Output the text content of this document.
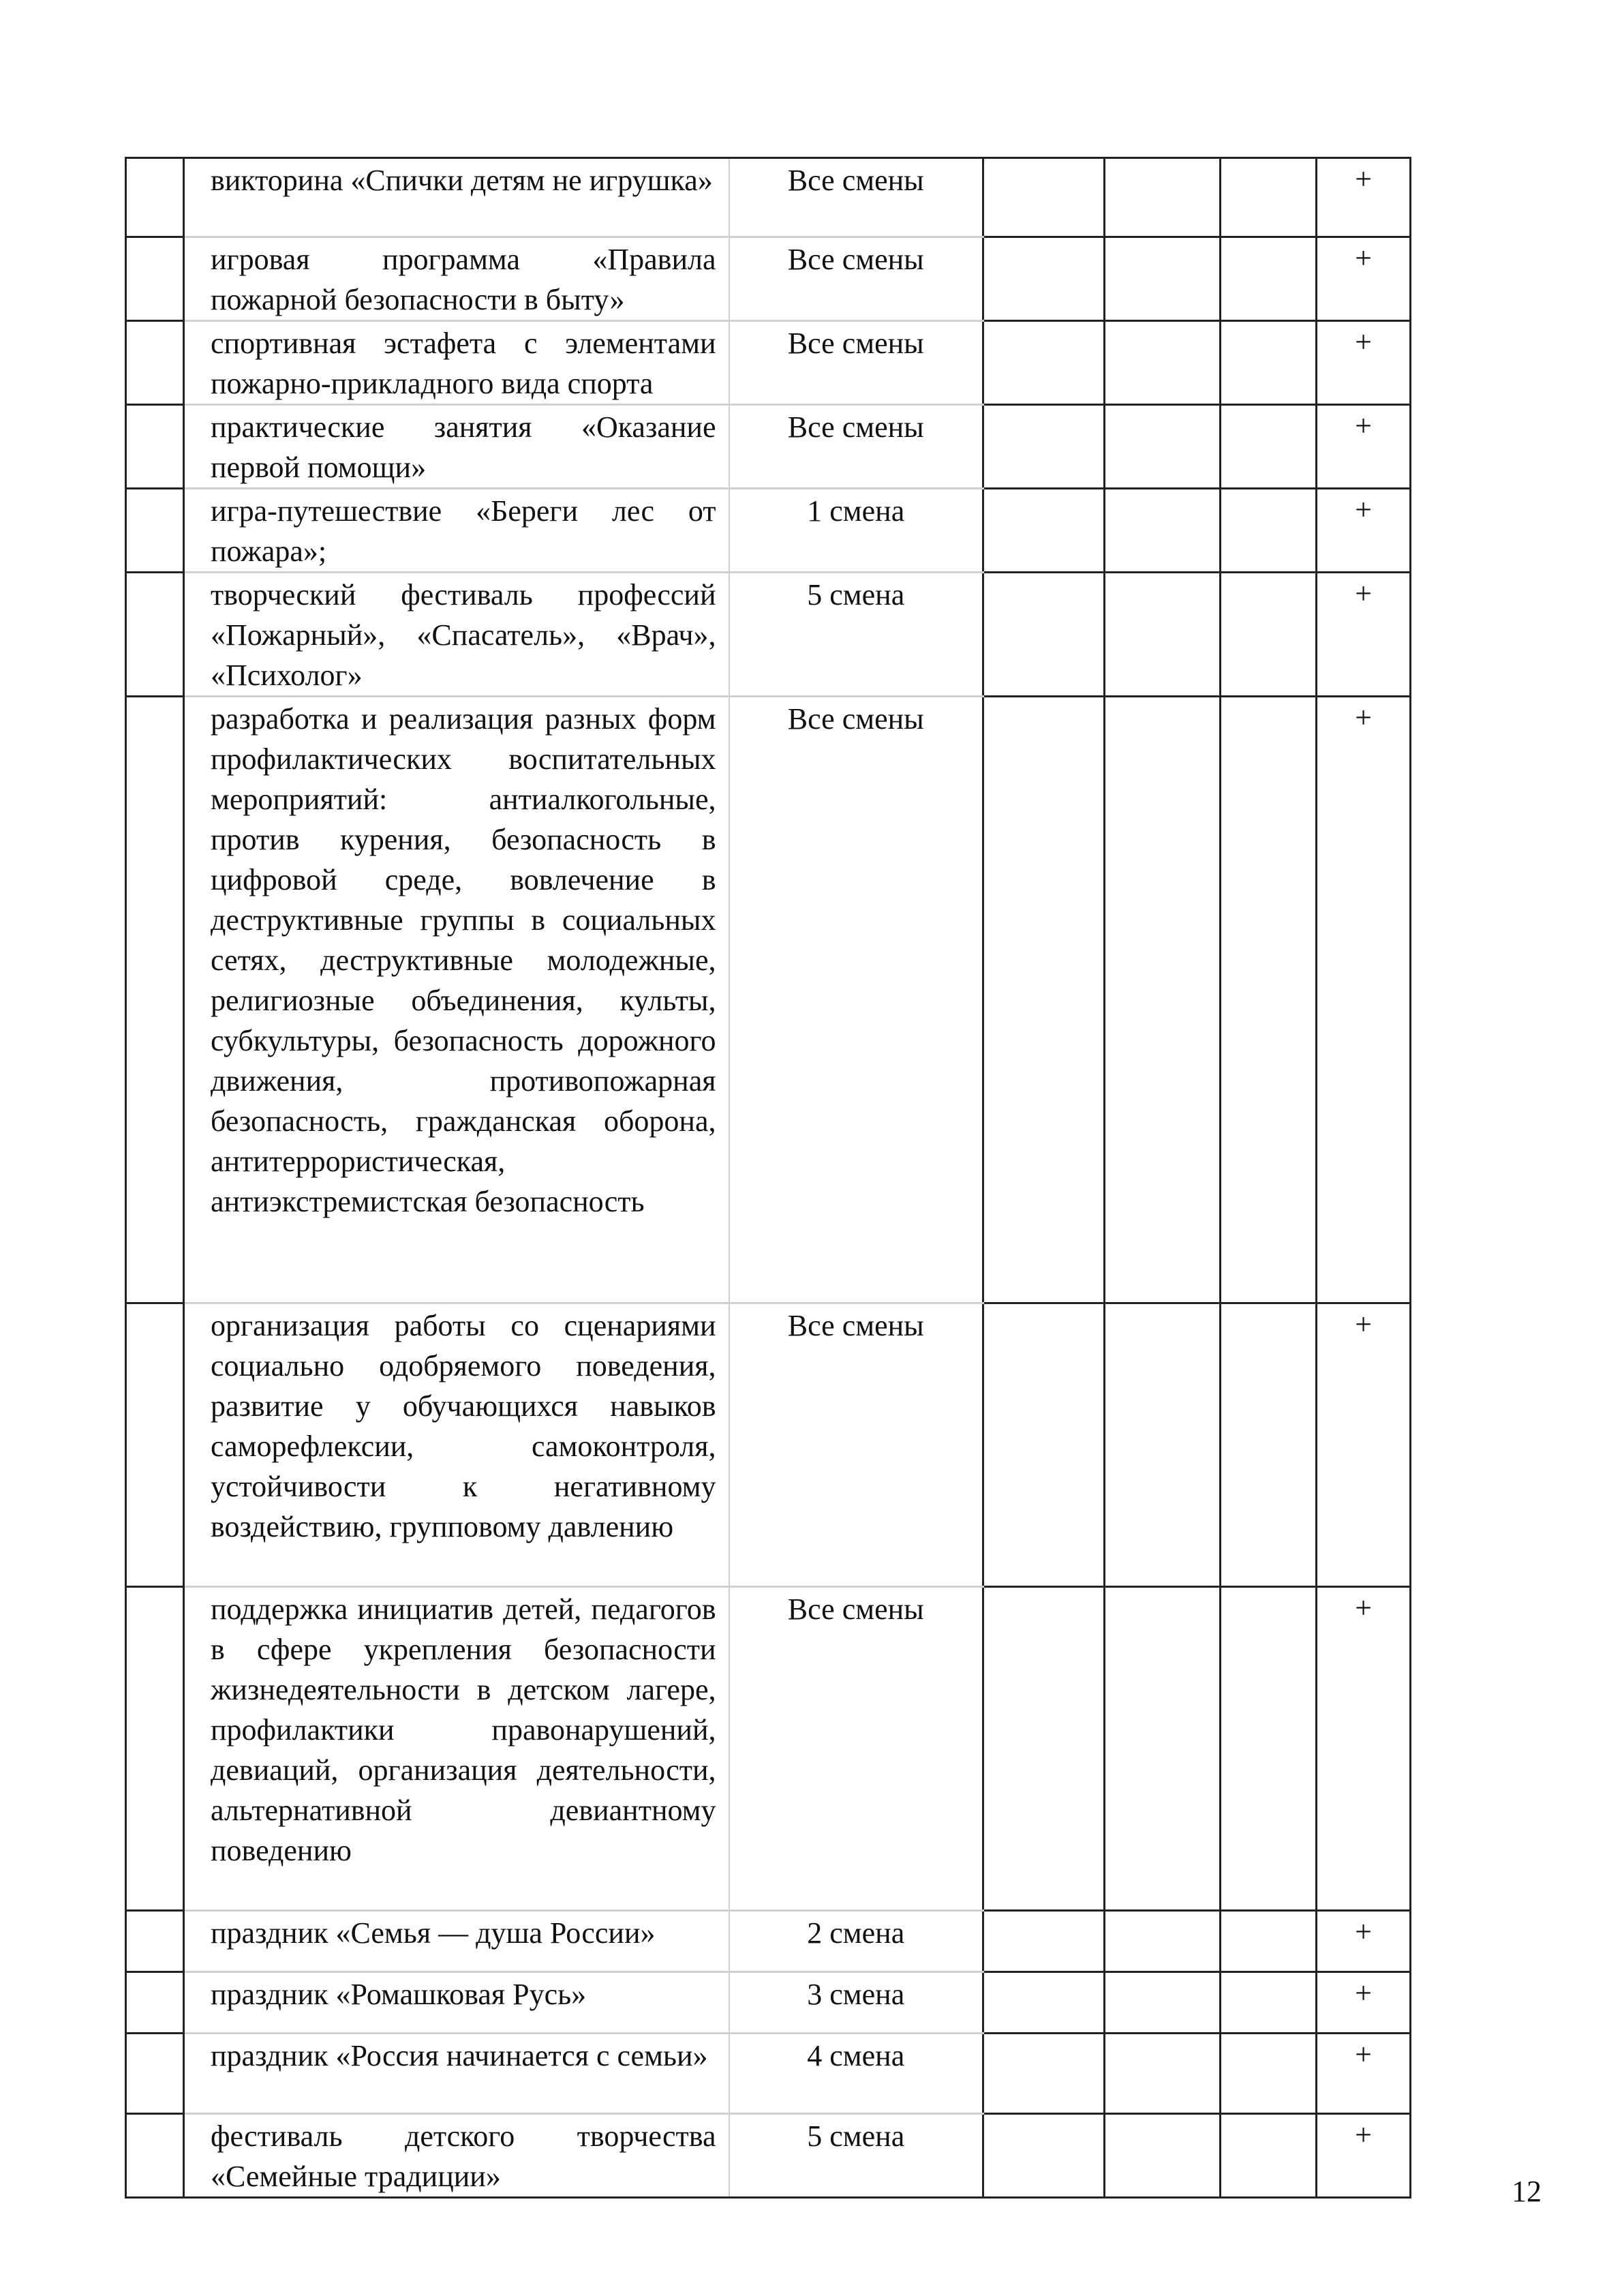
	викторина «Спички детям не игрушка»	Все смены				+
	игровая программа «Правила пожарной безопасности в быту»	Все смены				+
	спортивная эстафета с элементами пожарно-прикладного вида спорта	Все смены				+
	практические занятия «Оказание первой помощи»	Все смены				+
	игра-путешествие «Береги лес от пожара»;	1 смена				+
	творческий фестиваль профессий «Пожарный», «Спасатель», «Врач», «Психолог»	5 смена				+
	разработка и реализация разных форм профилактических воспитательных мероприятий: антиалкогольные, против курения, безопасность в цифровой среде, вовлечение в деструктивные группы в социальных сетях, деструктивные молодежные, религиозные объединения, культы, субкультуры, безопасность дорожного движения, противопожарная безопасность, гражданская оборона, антитеррористическая, антиэкстремистская безопасность	Все смены				+
	организация работы со сценариями социально одобряемого поведения, развитие у обучающихся навыков саморефлексии, самоконтроля, устойчивости к негативному воздействию, групповому давлению	Все смены				+
	поддержка инициатив детей, педагогов в сфере укрепления безопасности жизнедеятельности в детском лагере, профилактики правонарушений, девиаций, организация деятельности, альтернативной девиантному поведению	Все смены				+
	праздник «Семья — душа России»	2 смена				+
	праздник «Ромашковая Русь»	3 смена				+
	праздник «Россия начинается с семьи»	4 смена				+
	фестиваль детского творчества «Семейные традиции»	5 смена				+
12
